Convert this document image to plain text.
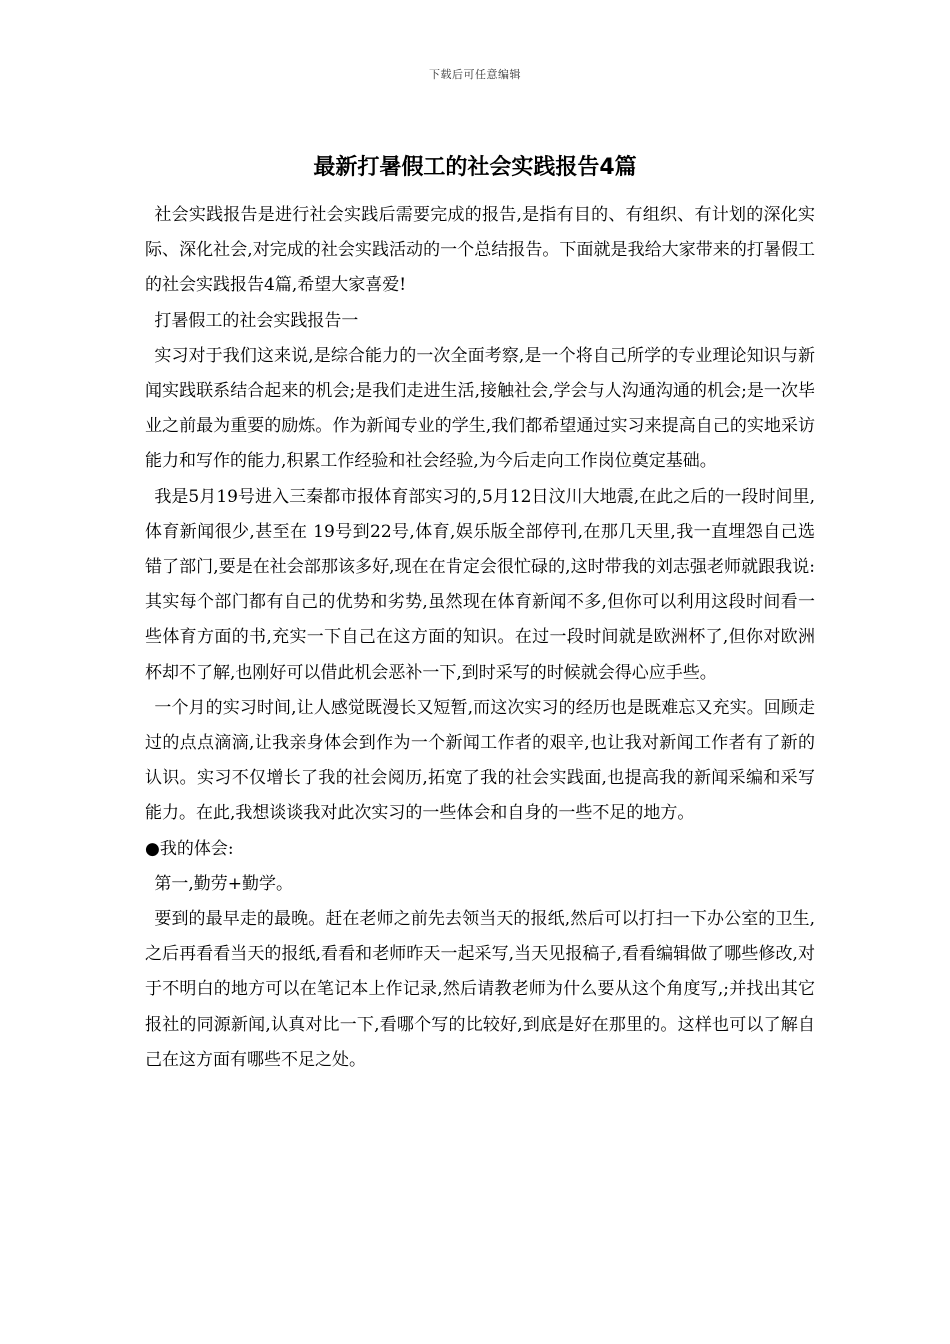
下载后可任意编辑
最新打暑假工的社会实践报告4篇

社会实践报告是进行社会实践后需要完成的报告,是指有目的、有组织、有计划的深化实际、深化社会,对完成的社会实践活动的一个总结报告。下面就是我给大家带来的打暑假工的社会实践报告4篇,希望大家喜爱!

打暑假工的社会实践报告一

实习对于我们这来说,是综合能力的一次全面考察,是一个将自己所学的专业理论知识与新闻实践联系结合起来的机会;是我们走进生活,接触社会,学会与人沟通沟通的机会;是一次毕业之前最为重要的励炼。作为新闻专业的学生,我们都希望通过实习来提高自己的实地采访能力和写作的能力,积累工作经验和社会经验,为今后走向工作岗位奠定基础。

我是5月19号进入三秦都市报体育部实习的,5月12日汶川大地震,在此之后的一段时间里,体育新闻很少,甚至在 19号到22号,体育,娱乐版全部停刊,在那几天里,我一直埋怨自己选错了部门,要是在社会部那该多好,现在在肯定会很忙碌的,这时带我的刘志强老师就跟我说: 其实每个部门都有自己的优势和劣势,虽然现在体育新闻不多,但你可以利用这段时间看一些体育方面的书,充实一下自己在这方面的知识。在过一段时间就是欧洲杯了,但你对欧洲杯却不了解,也刚好可以借此机会恶补一下,到时采写的时候就会得心应手些。

一个月的实习时间,让人感觉既漫长又短暂,而这次实习的经历也是既难忘又充实。回顾走过的点点滴滴,让我亲身体会到作为一个新闻工作者的艰辛,也让我对新闻工作者有了新的认识。实习不仅增长了我的社会阅历,拓宽了我的社会实践面,也提高我的新闻采编和采写能力。在此,我想谈谈我对此次实习的一些体会和自身的一些不足的地方。

●我的体会:

第一,勤劳+勤学。

要到的最早走的最晚。赶在老师之前先去领当天的报纸,然后可以打扫一下办公室的卫生,之后再看看当天的报纸,看看和老师昨天一起采写,当天见报稿子,看看编辑做了哪些修改,对于不明白的地方可以在笔记本上作记录,然后请教老师为什么要从这个角度写,;并找出其它报社的同源新闻,认真对比一下,看哪个写的比较好,到底是好在那里的。这样也可以了解自己在这方面有哪些不足之处。
